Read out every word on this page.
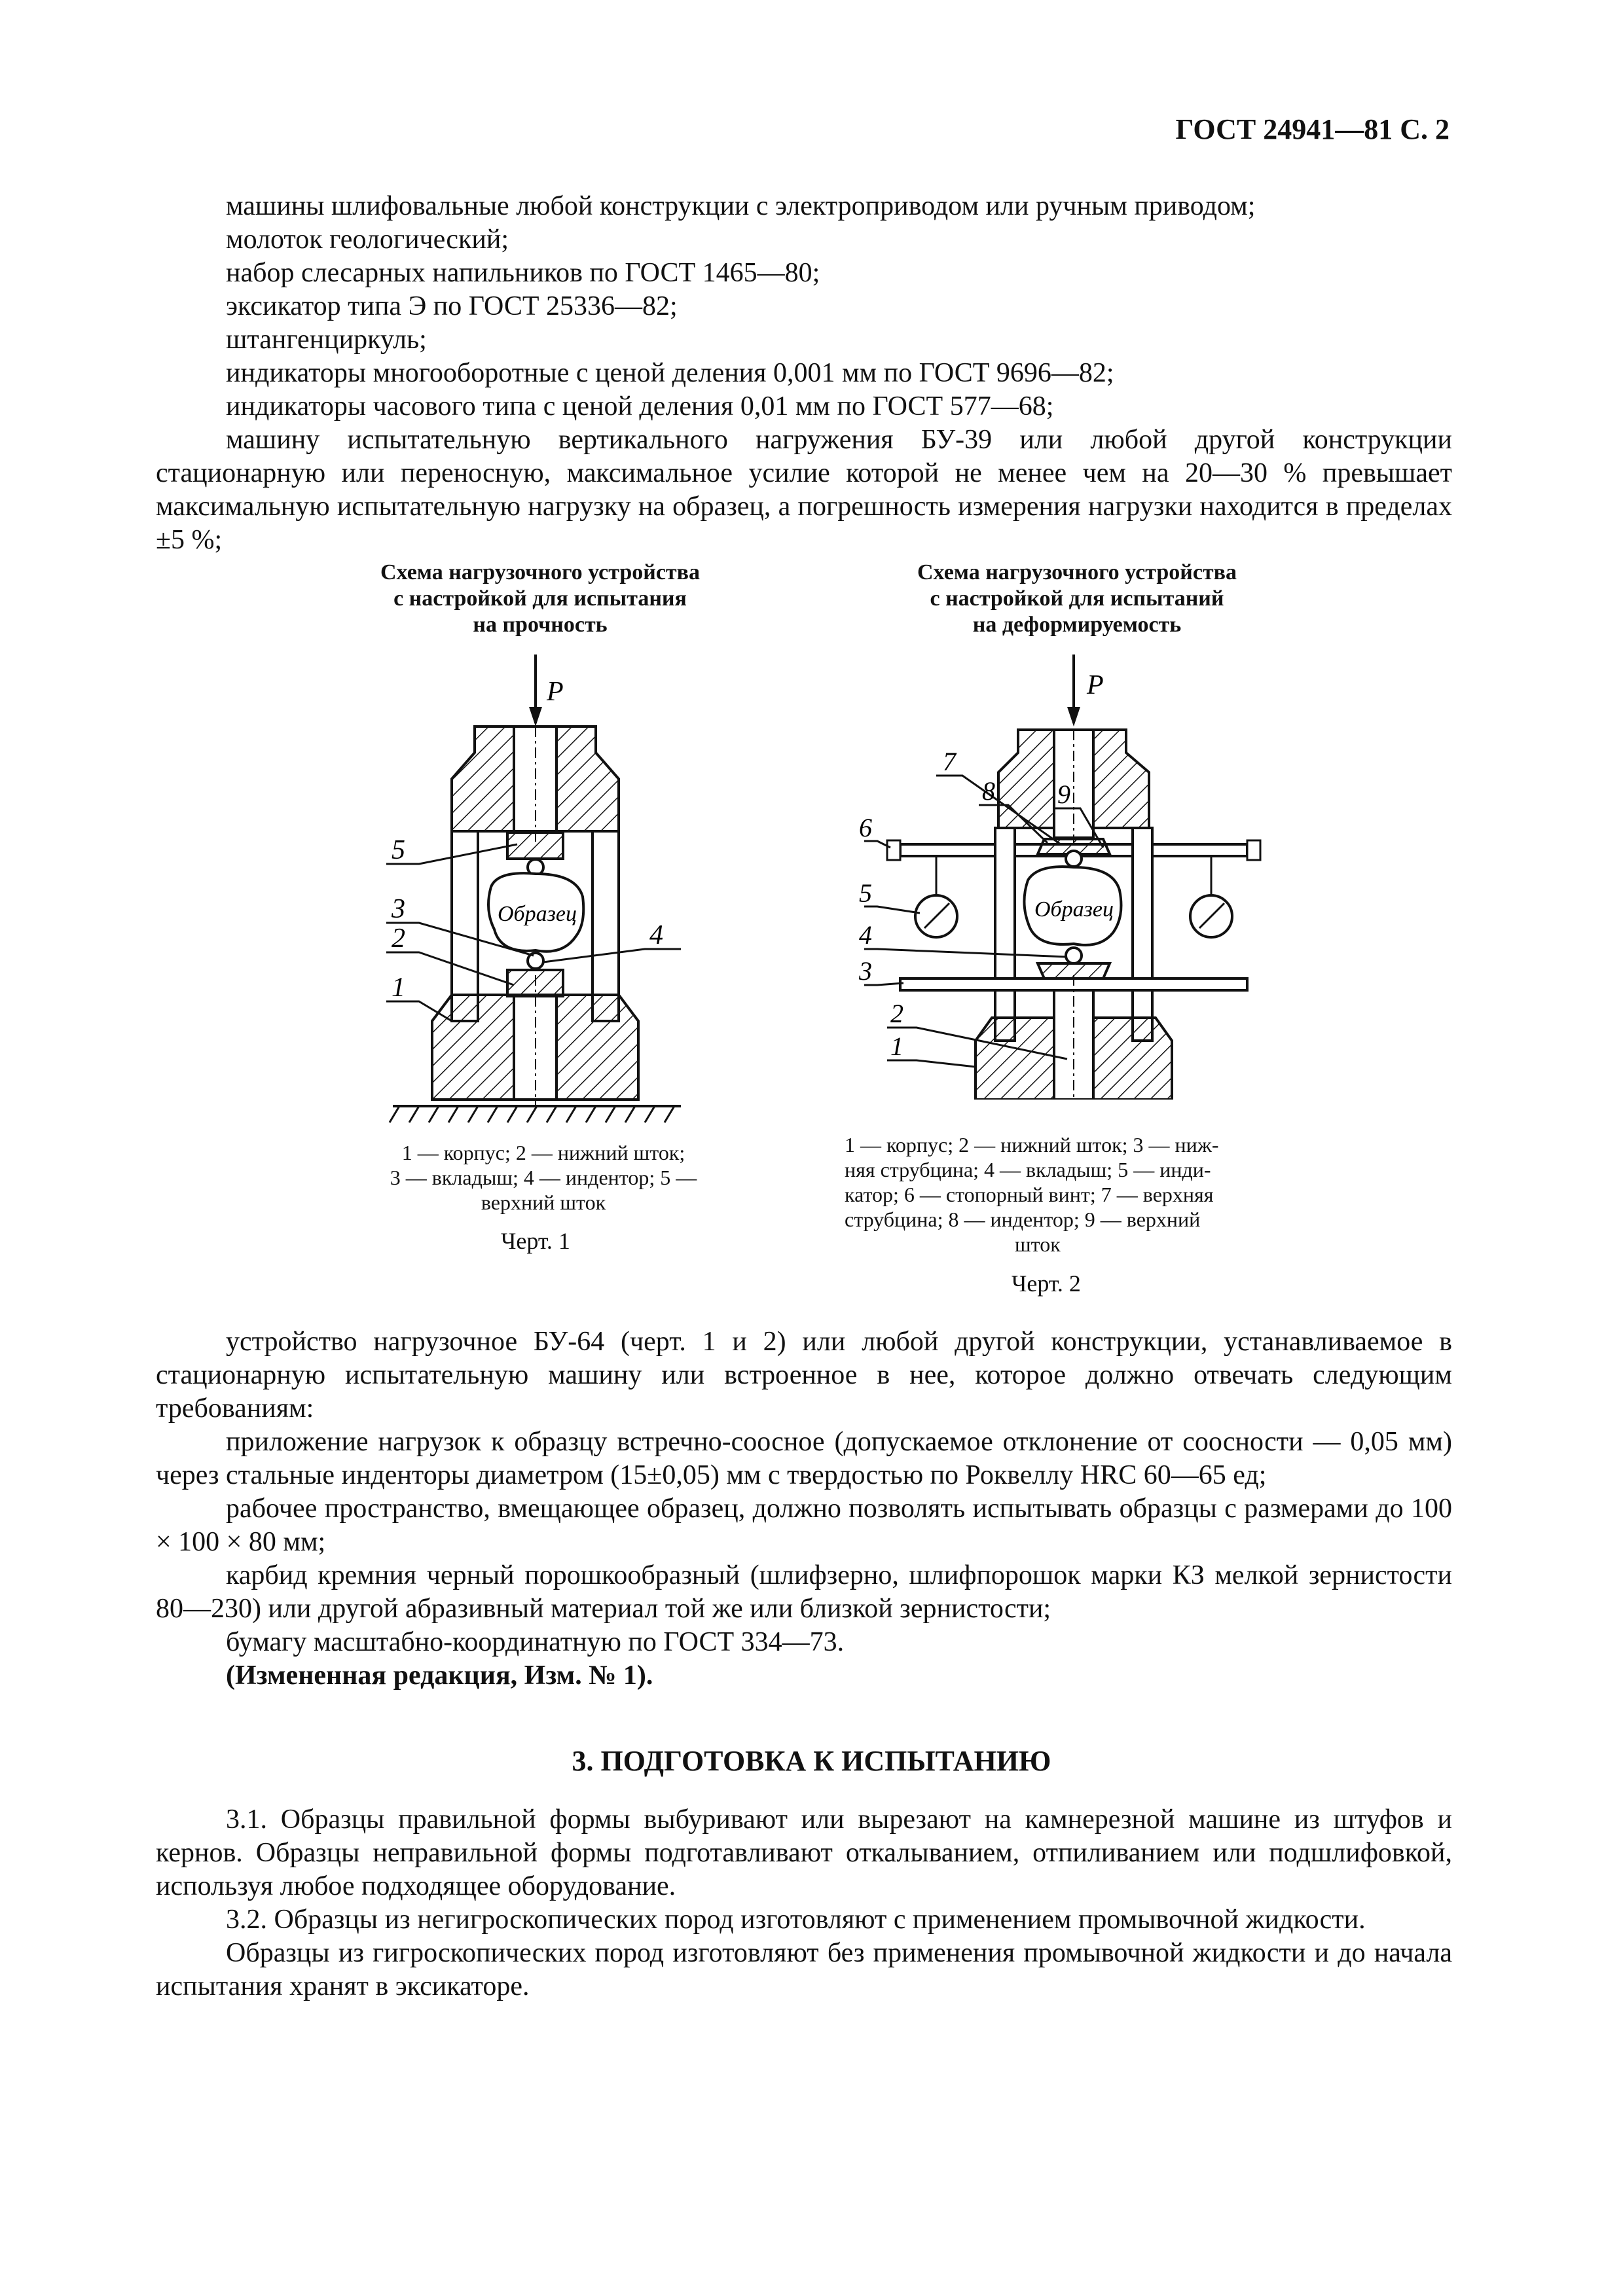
ГОСТ 24941—81 С. 2

машины шлифовальные любой конструкции с электроприводом или ручным приводом;

молоток геологический;

набор слесарных напильников по ГОСТ 1465—80;

эксикатор типа Э по ГОСТ 25336—82;

штангенциркуль;

индикаторы многооборотные с ценой деления 0,001 мм по ГОСТ 9696—82;

индикаторы часового типа с ценой деления 0,01 мм по ГОСТ 577—68;

машину испытательную вертикального нагружения БУ-39 или любой другой конструкции стационарную или переносную, максимальное усилие которой не менее чем на 20—30 % превышает максимальную испытательную нагрузку на образец, а погрешность измерения нагрузки находится в пределах ±5 %;

Схема нагрузочного устройства
с настройкой для испытания
на прочность
P
Образец
5
3
2
1
4
1 — корпус; 2 — нижний шток;
3 — вкладыш; 4 — индентор; 5 —
верхний шток
Черт. 1
Схема нагрузочного устройства
с настройкой для испытаний
на деформируемость
P
Образец
6
7
8 9
5
4
3
2
1
1 — корпус; 2 — нижний шток; 3 — ниж-
няя струбцина; 4 — вкладыш; 5 — инди-
катор; 6 — стопорный винт; 7 — верхняя
струбцина; 8 — индентор; 9 — верхний
шток
Черт. 2

устройство нагрузочное БУ-64 (черт. 1 и 2) или любой другой конструкции, устанавливаемое в стационарную испытательную машину или встроенное в нее, которое должно отвечать следующим требованиям:

приложение нагрузок к образцу встречно-соосное (допускаемое отклонение от соосности — 0,05 мм) через стальные инденторы диаметром (15±0,05) мм с твердостью по Роквеллу HRC 60—65 ед;

рабочее пространство, вмещающее образец, должно позволять испытывать образцы с размерами до 100 × 100 × 80 мм;

карбид кремния черный порошкообразный (шлифзерно, шлифпорошок марки КЗ мелкой зернистости 80—230) или другой абразивный материал той же или близкой зернистости;

бумагу масштабно-координатную по ГОСТ 334—73.

(Измененная редакция, Изм. № 1).

3. ПОДГОТОВКА К ИСПЫТАНИЮ

3.1. Образцы правильной формы выбуривают или вырезают на камнерезной машине из штуфов и кернов. Образцы неправильной формы подготавливают откалыванием, отпиливанием или подшлифовкой, используя любое подходящее оборудование.

3.2. Образцы из негигроскопических пород изготовляют с применением промывочной жидкости.

Образцы из гигроскопических пород изготовляют без применения промывочной жидкости и до начала испытания хранят в эксикаторе.
